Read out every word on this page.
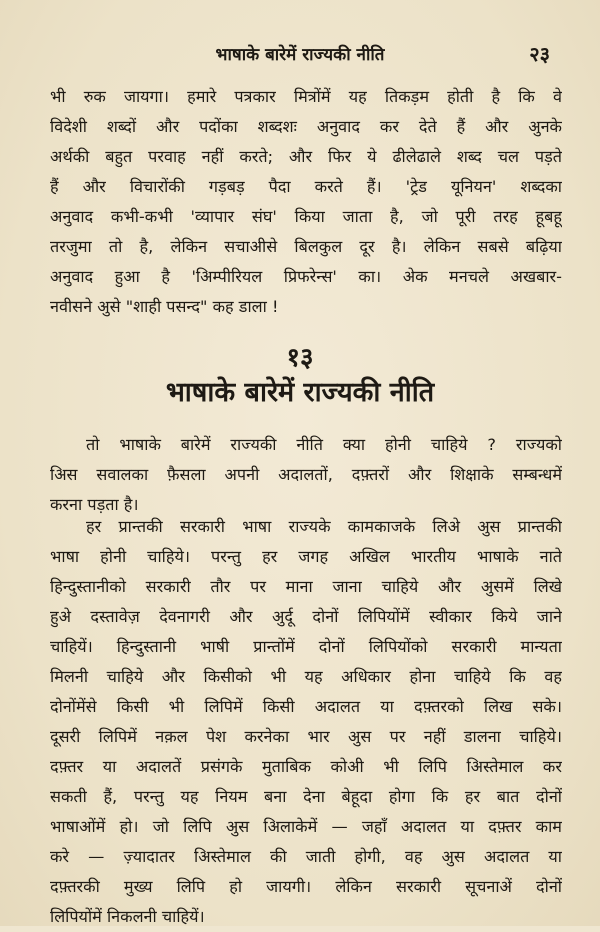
भाषाके बारेमें राज्यकी नीति	२३
भी रुक जायगा। हमारे पत्रकार मित्रोंमें यह तिकड़म होती है कि वे
विदेशी शब्दों और पदोंका शब्दशः अनुवाद कर देते हैं और अुनके
अर्थकी बहुत परवाह नहीं करते; और फिर ये ढीलेढाले शब्द चल पड़ते
हैं और विचारोंकी गड़बड़ पैदा करते हैं। 'ट्रेड यूनियन' शब्दका
अनुवाद कभी-कभी 'व्यापार संघ' किया जाता है, जो पूरी तरह हूबहू
तरजुमा तो है, लेकिन सचाअीसे बिलकुल दूर है। लेकिन सबसे बढ़िया
अनुवाद हुआ है 'अिम्पीरियल प्रिफरेन्स' का। अेक मनचले अखबार-
नवीसने अुसे "शाही पसन्द" कह डाला !
१३
भाषाके बारेमें राज्यकी नीति
तो भाषाके बारेमें राज्यकी नीति क्या होनी चाहिये ? राज्यको
अिस सवालका फ़ैसला अपनी अदालतों, दफ़्तरों और शिक्षाके सम्बन्धमें
करना पड़ता है।
हर प्रान्तकी सरकारी भाषा राज्यके कामकाजके लिअे अुस प्रान्तकी
भाषा होनी चाहिये। परन्तु हर जगह अखिल भारतीय भाषाके नाते
हिन्दुस्तानीको सरकारी तौर पर माना जाना चाहिये और अुसमें लिखे
हुअे दस्तावेज़ देवनागरी और अुर्दू दोनों लिपियोंमें स्वीकार किये जाने
चाहियें। हिन्दुस्तानी भाषी प्रान्तोंमें दोनों लिपियोंको सरकारी मान्यता
मिलनी चाहिये और किसीको भी यह अधिकार होना चाहिये कि वह
दोनोंमेंसे किसी भी लिपिमें किसी अदालत या दफ़्तरको लिख सके।
दूसरी लिपिमें नक़ल पेश करनेका भार अुस पर नहीं डालना चाहिये।
दफ़्तर या अदालतें प्रसंगके मुताबिक कोअी भी लिपि अिस्तेमाल कर
सकती हैं, परन्तु यह नियम बना देना बेहूदा होगा कि हर बात दोनों
भाषाओंमें हो। जो लिपि अुस अिलाकेमें — जहाँ अदालत या दफ़्तर काम
करे — ज़्यादातर अिस्तेमाल की जाती होगी, वह अुस अदालत या
दफ़्तरकी मुख्य लिपि हो जायगी। लेकिन सरकारी सूचनाअें दोनों
लिपियोंमें निकलनी चाहियें।
